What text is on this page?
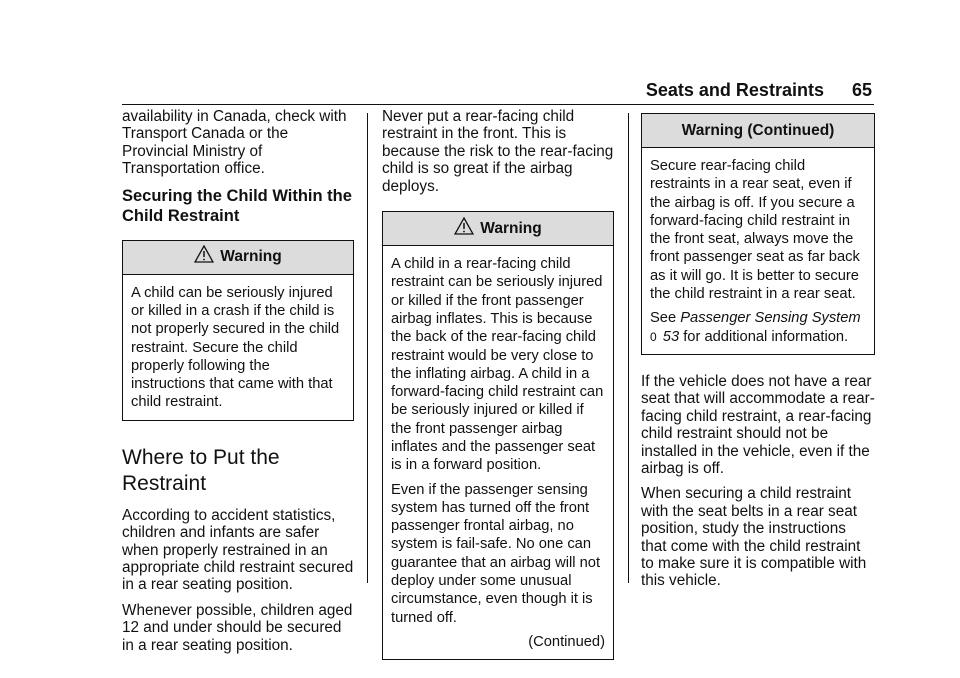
Seats and Restraints 65

availability in Canada, check with Transport Canada or the Provincial Ministry of Transportation office.

Securing the Child Within the Child Restraint
Warning

A child can be seriously injured or killed in a crash if the child is not properly secured in the child restraint. Secure the child properly following the instructions that came with that child restraint.

Where to Put the Restraint

According to accident statistics, children and infants are safer when properly restrained in an appropriate child restraint secured in a rear seating position.

Whenever possible, children aged 12 and under should be secured in a rear seating position.

Never put a rear-facing child restraint in the front. This is because the risk to the rear-facing child is so great if the airbag deploys.

Warning

A child in a rear-facing child restraint can be seriously injured or killed if the front passenger airbag inflates. This is because the back of the rear-facing child restraint would be very close to the inflating airbag. A child in a forward-facing child restraint can be seriously injured or killed if the front passenger airbag inflates and the passenger seat is in a forward position.

Even if the passenger sensing system has turned off the front passenger frontal airbag, no system is fail-safe. No one can guarantee that an airbag will not deploy under some unusual circumstance, even though it is turned off.

(Continued)
Warning (Continued)

Secure rear-facing child restraints in a rear seat, even if the airbag is off. If you secure a forward-facing child restraint in the front seat, always move the front passenger seat as far back as it will go. It is better to secure the child restraint in a rear seat.

See Passenger Sensing System
0 53 for additional information.

If the vehicle does not have a rear seat that will accommodate a rear-facing child restraint, a rear-facing child restraint should not be installed in the vehicle, even if the airbag is off.

When securing a child restraint with the seat belts in a rear seat position, study the instructions that come with the child restraint to make sure it is compatible with this vehicle.
